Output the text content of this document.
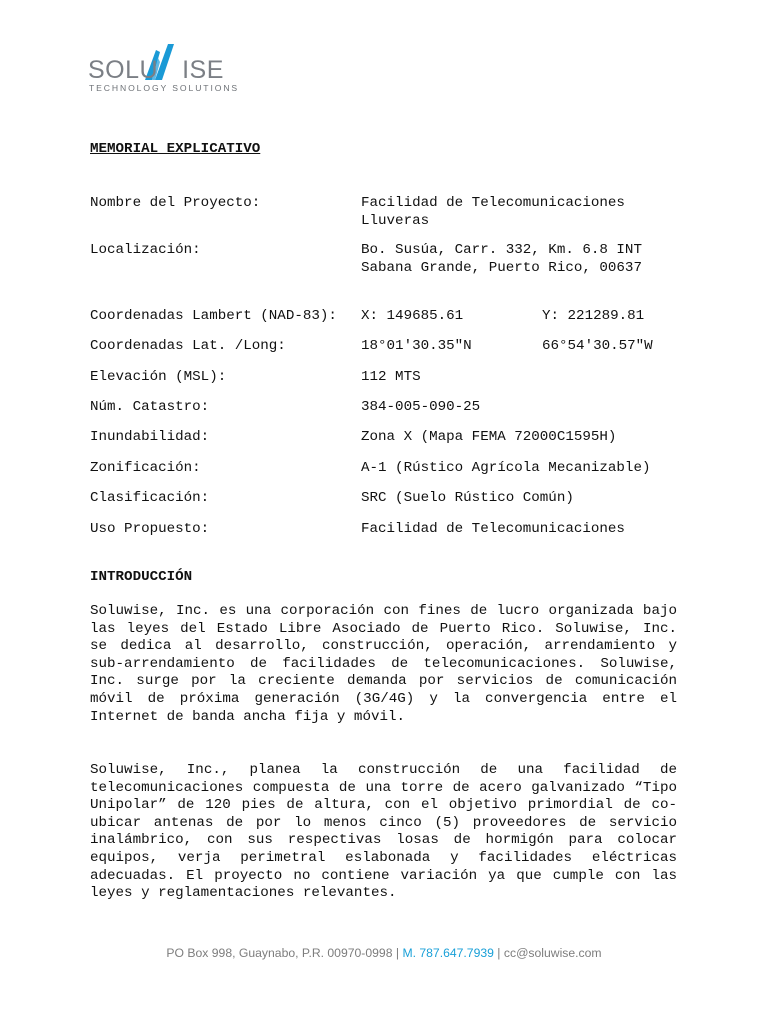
SOLU ISE
TECHNOLOGY SOLUTIONS
MEMORIAL EXPLICATIVO
Nombre del Proyecto:	Facilidad de Telecomunicaciones
Lluveras
Localización:	Bo. Susúa, Carr. 332, Km. 6.8 INT
Sabana Grande, Puerto Rico, 00637
Coordenadas Lambert (NAD-83): X: 149685.61	Y: 221289.81
Coordenadas Lat. /Long:	18°01'30.35"N	66°54'30.57"W
Elevación (MSL):	112 MTS
Núm. Catastro:	384-005-090-25
Inundabilidad:	Zona X (Mapa FEMA 72000C1595H)
Zonificación:	A-1 (Rústico Agrícola Mecanizable)
Clasificación:	SRC (Suelo Rústico Común)
Uso Propuesto:	Facilidad de Telecomunicaciones
INTRODUCCIÓN

Soluwise, Inc. es una corporación con fines de lucro organizada bajo las leyes del Estado Libre Asociado de Puerto Rico. Soluwise, Inc. se dedica al desarrollo, construcción, operación, arrendamiento y sub-arrendamiento de facilidades de telecomunicaciones. Soluwise, Inc. surge por la creciente demanda por servicios de comunicación móvil de próxima generación (3G/4G) y la convergencia entre el Internet de banda ancha fija y móvil.

Soluwise, Inc., planea la construcción de una facilidad de telecomunicaciones compuesta de una torre de acero galvanizado “Tipo Unipolar” de 120 pies de altura, con el objetivo primordial de co-ubicar antenas de por lo menos cinco (5) proveedores de servicio inalámbrico, con sus respectivas losas de hormigón para colocar equipos, verja perimetral eslabonada y facilidades eléctricas adecuadas. El proyecto no contiene variación ya que cumple con las leyes y reglamentaciones relevantes.

PO Box 998, Guaynabo, P.R. 00970-0998 | M. 787.647.7939 | cc@soluwise.com
